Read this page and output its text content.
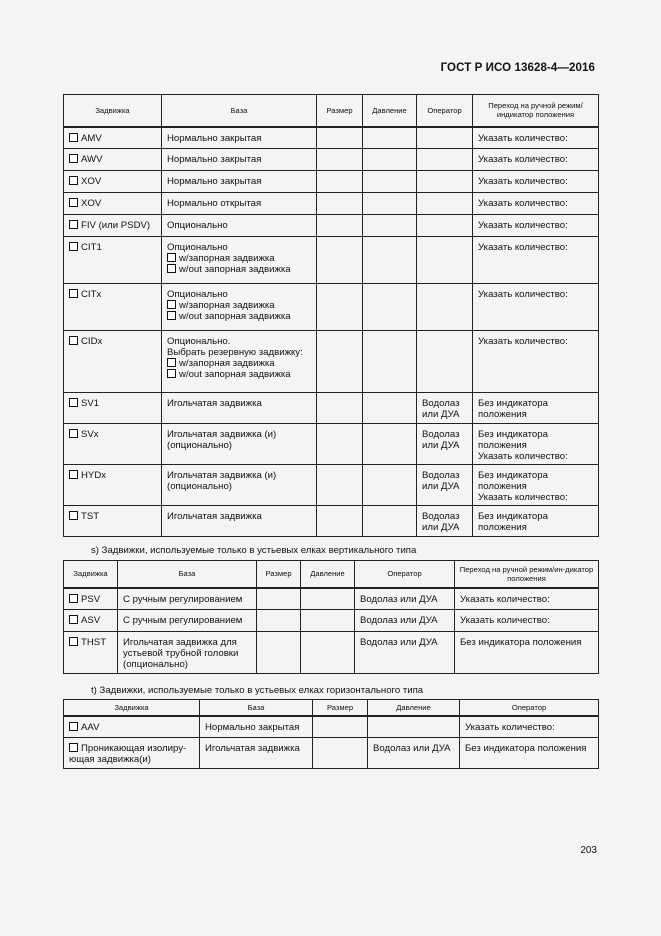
ГОСТ Р ИСО 13628-4—2016
Задвижка	База	Размер	Давление	Оператор	Переход на ручной режим/ индикатор положения
AMV	Нормально закрытая				Указать количество:

AWV	Нормально закрытая				Указать количество:

XOV	Нормально закрытая				Указать количество:

XOV	Нормально открытая				Указать количество:

FIV (или PSDV)	Опционально				Указать количество:

CIT1	Опционально
w/запорная задвижка
w/out запорная задвижка				Указать количество:

CITx	Опционально
w/запорная задвижка
w/out запорная задвижка				Указать количество:

CIDx	Опционально.
Выбрать резервную задвижку:
w/запорная задвижка
w/out запорная задвижка				Указать количество:

SV1	Игольчатая задвижка			Водолаз
или ДУА	Без индикатора
положения

SVx	Игольчатая задвижка (и)
(опционально)			Водолаз
или ДУА	Без индикатора
положения
Указать количество:

HYDx	Игольчатая задвижка (и)
(опционально)			Водолаз
или ДУА	Без индикатора
положения
Указать количество:

TST	Игольчатая задвижка			Водолаз
или ДУА	Без индикатора
положения
s) Задвижки, используемые только в устьевых елках вертикального типа
Задвижка	База	Размер	Давление	Оператор	Переход на ручной режим/ин-дикатор положения
PSV	С ручным регулированием			Водолаз или ДУА	Указать количество:

ASV	С ручным регулированием			Водолаз или ДУА	Указать количество:

THST	Игольчатая задвижка для
устьевой трубной головки
(опционально)			Водолаз или ДУА	Без индикатора положения
t) Задвижки, используемые только в устьевых елках горизонтального типа
Задвижка	База	Размер	Давление	Оператор

AAV	Нормально закрытая			Указать количество:

Проникающая изолиру-
ющая задвижка(и)	Игольчатая задвижка		Водолаз или ДУА	Без индикатора положения
203
